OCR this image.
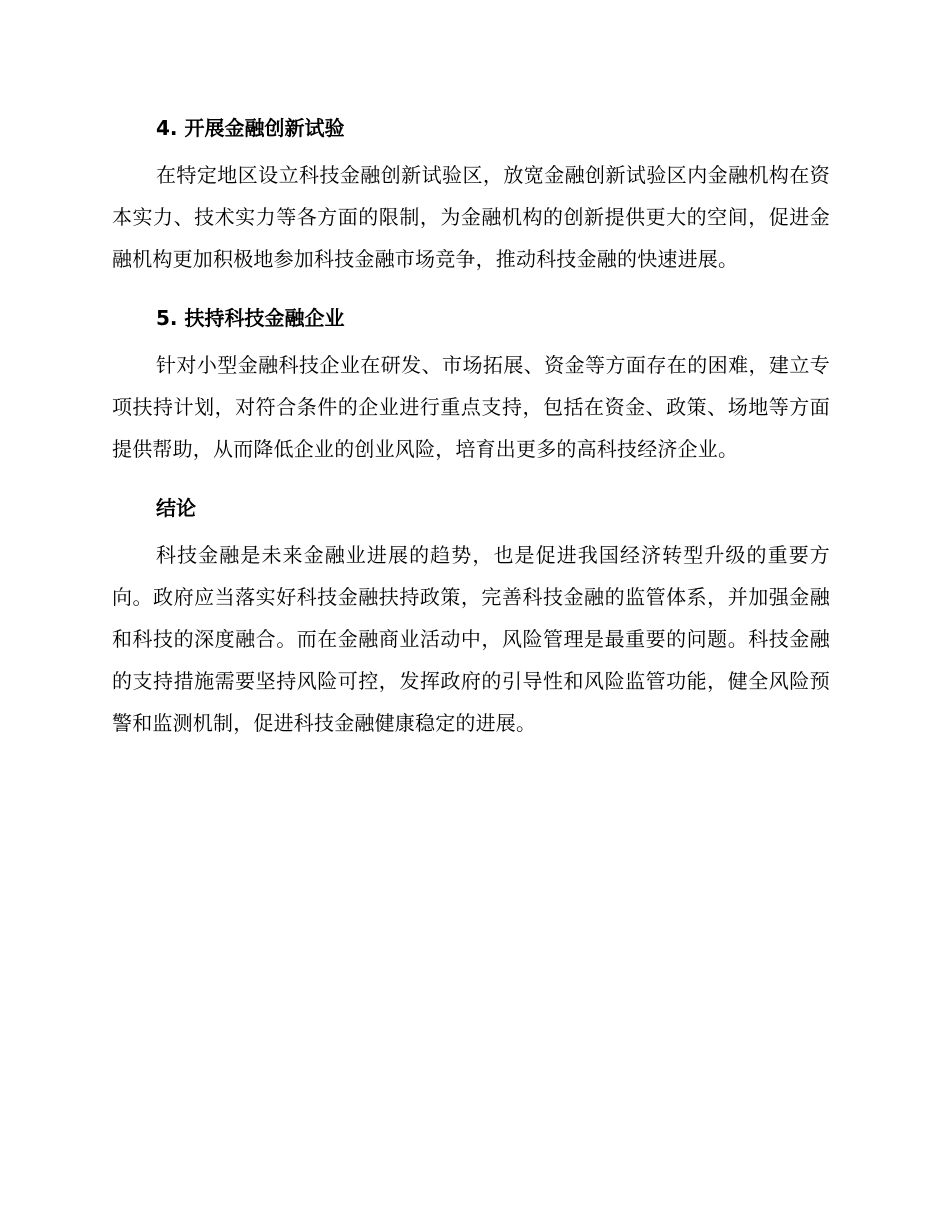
4. 开展金融创新试验

在特定地区设立科技金融创新试验区，放宽金融创新试验区内金融机构在资本实力、技术实力等各方面的限制，为金融机构的创新提供更大的空间，促进金融机构更加积极地参加科技金融市场竞争，推动科技金融的快速进展。

5. 扶持科技金融企业

针对小型金融科技企业在研发、市场拓展、资金等方面存在的困难，建立专项扶持计划，对符合条件的企业进行重点支持，包括在资金、政策、场地等方面提供帮助，从而降低企业的创业风险，培育出更多的高科技经济企业。

结论

科技金融是未来金融业进展的趋势，也是促进我国经济转型升级的重要方向。政府应当落实好科技金融扶持政策，完善科技金融的监管体系，并加强金融和科技的深度融合。而在金融商业活动中，风险管理是最重要的问题。科技金融的支持措施需要坚持风险可控，发挥政府的引导性和风险监管功能，健全风险预警和监测机制，促进科技金融健康稳定的进展。
